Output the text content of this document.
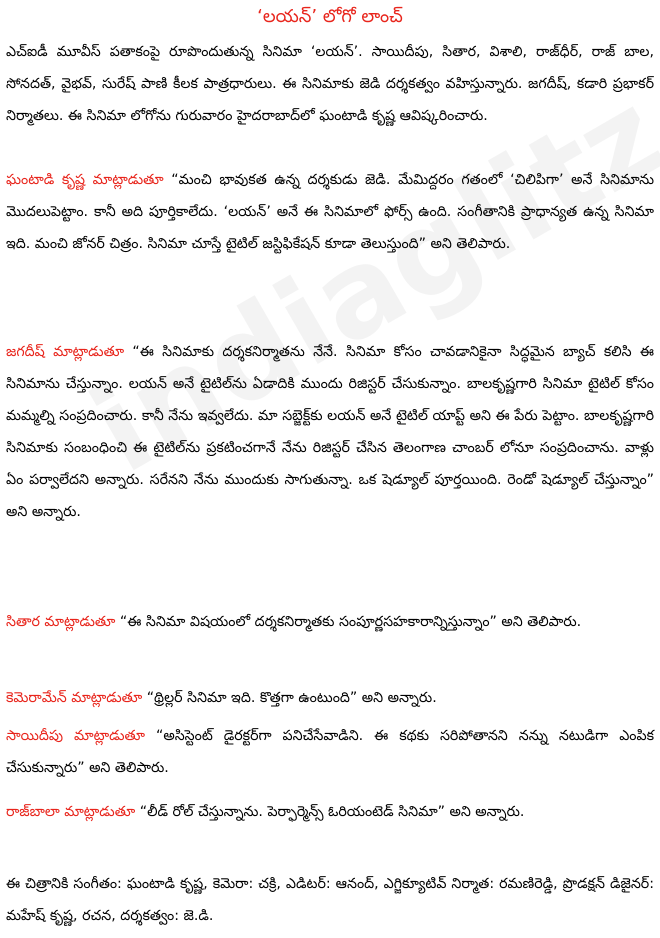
‘లయన్’ లోగో లాంచ్
ఎచ్‌ఐడీ మూవీస్ పతాకంపై రూపొందుతున్న సినిమా ‘లయన్’. సాయిదీపు, సితార, విశాలి, రాజ్‌ధీర్, రాజ్ బాల, సోనదత్, వైభవ్, సురేష్ పాణి కీలక పాత్రధారులు. ఈ సినిమాకు జెడి దర్శకత్వం వహిస్తున్నారు. జగదీష్, కడారి ప్రభాకర్ నిర్మాతలు. ఈ సినిమా లోగోను గురువారం హైదరాబాద్‌లో ఘంటాడి కృష్ణ ఆవిష్కరించారు.
ఘంటాడి కృష్ణ మాట్లాడుతూ “మంచి భావుకత ఉన్న దర్శకుడు జెడి. మేమిద్దరం గతంలో ‘చిలిపిగా’ అనే సినిమాను మొదలుపెట్టాం. కానీ అది పూర్తికాలేదు. ‘లయన్’ అనే ఈ సినిమాలో ఫోర్స్ ఉంది. సంగీతానికి ప్రాధాన్యత ఉన్న సినిమా ఇది. మంచి జోనర్ చిత్రం. సినిమా చూస్తే టైటిల్ జస్టిఫికేషన్ కూడా తెలుస్తుంది” అని తెలిపారు.
జగదీష్ మాట్లాడుతూ “ఈ సినిమాకు దర్శకనిర్మాతను నేనే. సినిమా కోసం చావడానికైనా సిద్ధమైన బ్యాచ్ కలిసి ఈ సినిమాను చేస్తున్నాం. లయన్ అనే టైటిల్‌ను ఏడాదికి ముందు రిజిస్టర్ చేసుకున్నాం. బాలకృష్ణగారి సినిమా టైటిల్ కోసం మమ్మల్ని సంప్రదించారు. కానీ నేను ఇవ్వలేదు. మా సబ్జెక్ట్‌కు లయన్ అనే టైటిల్ యాప్ట్ అని ఈ పేరు పెట్టాం. బాలకృష్ణగారి సినిమాకు సంబంధించి ఈ టైటిల్‌ను ప్రకటించగానే నేను రిజిస్టర్ చేసిన తెలంగాణ చాంబర్ లోనూ సంప్రదించాను. వాళ్లు ఏం పర్వాలేదని అన్నారు. సరేనని నేను ముందుకు సాగుతున్నా. ఒక షెడ్యూల్ పూర్తయింది. రెండో షెడ్యూల్ చేస్తున్నాం” అని అన్నారు.
సితార మాట్లాడుతూ “ఈ సినిమా విషయంలో దర్శకనిర్మాతకు సంపూర్ణసహకారాన్నిస్తున్నాం” అని తెలిపారు.
కెమెరామేన్ మాట్లాడుతూ “థ్రిల్లర్ సినిమా ఇది. కొత్తగా ఉంటుంది” అని అన్నారు.
సాయిదీపు మాట్లాడుతూ “అసిస్టెంట్ డైరక్టర్‌గా పనిచేసేవాడిని. ఈ కథకు సరిపోతానని నన్ను నటుడిగా ఎంపిక చేసుకున్నారు” అని తెలిపారు.
రాజ్‌బాలా మాట్లాడుతూ “లీడ్ రోల్ చేస్తున్నాను. పెర్ఫార్మెన్స్ ఓరియంటెడ్ సినిమా” అని అన్నారు.
ఈ చిత్రానికి సంగీతం: ఘంటాడి కృష్ణ, కెమెరా: చక్రి, ఎడిటర్: ఆనంద్, ఎగ్జిక్యూటివ్ నిర్మాత: రమణిరెడ్డి, ప్రొడక్షన్ డిజైనర్: మహేష్ కృష్ణ, రచన, దర్శకత్వం: జె.డి.
